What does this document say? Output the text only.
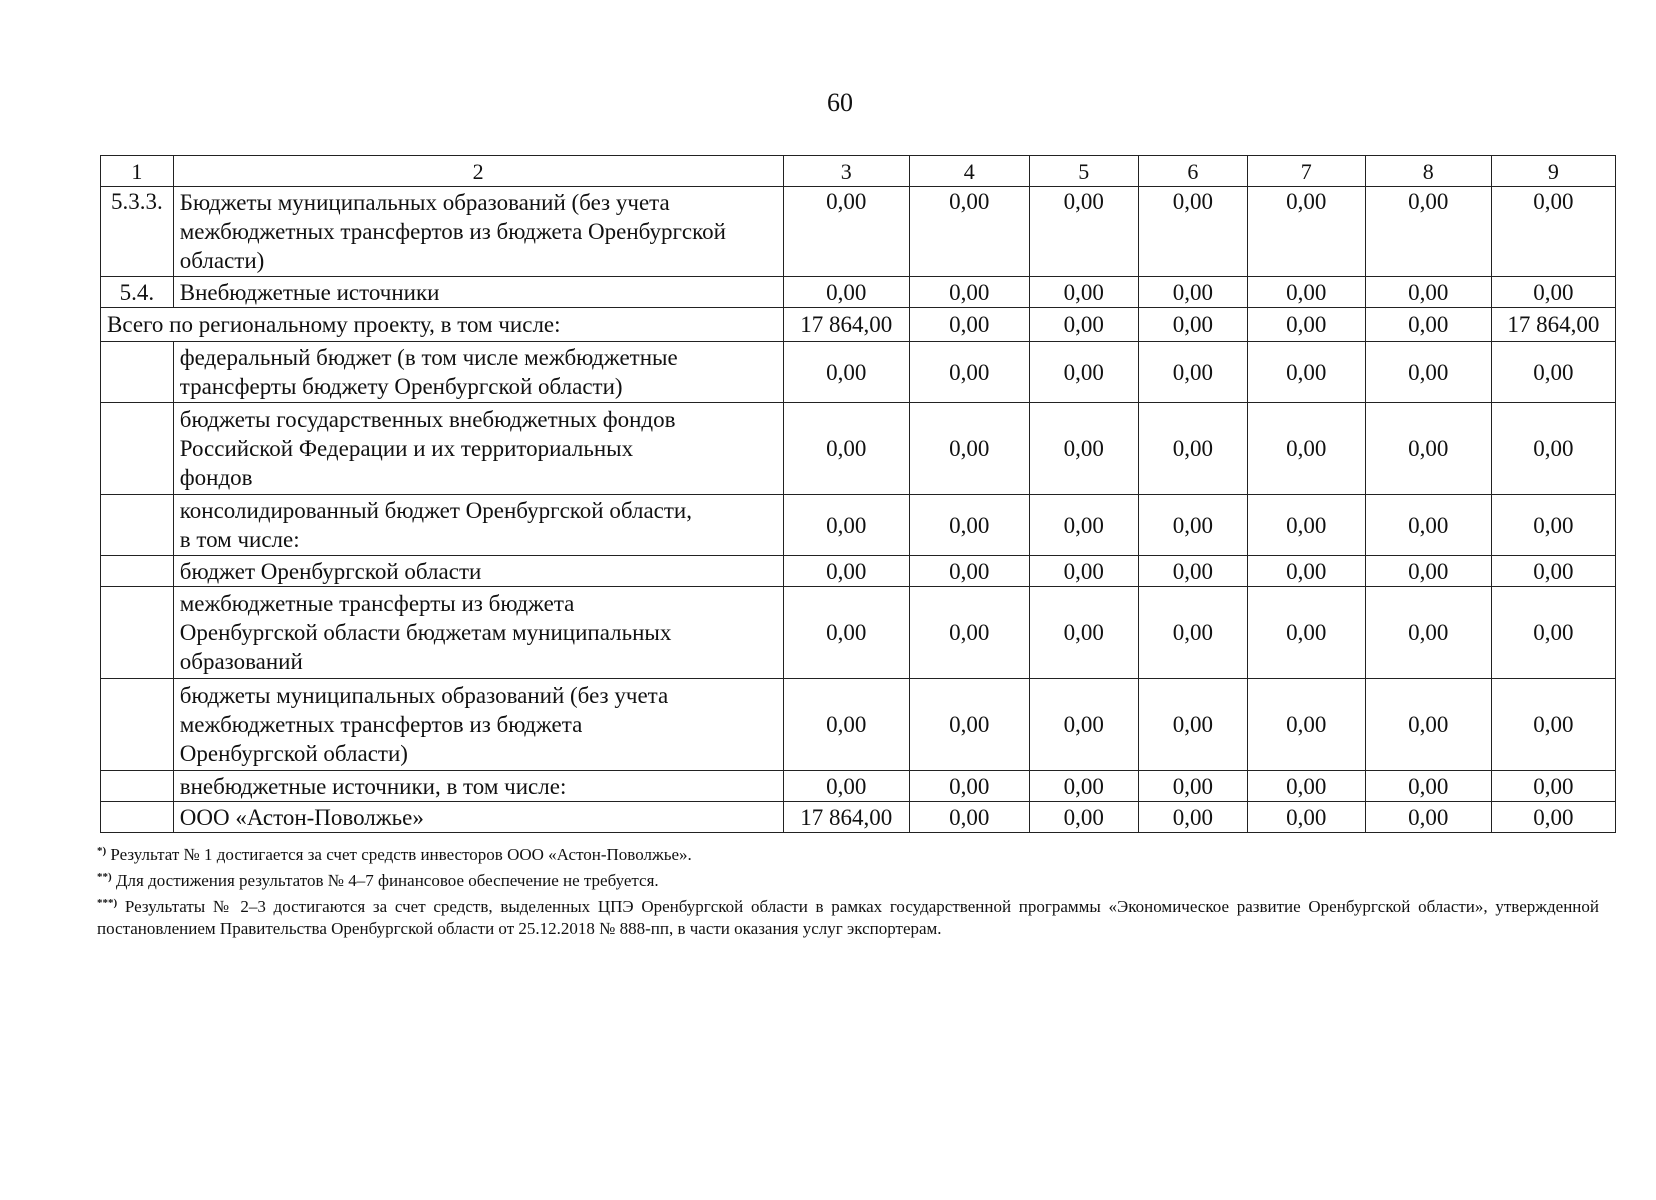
60
1	2	3	4	5	6	7	8	9
5.3.3.	Бюджеты муниципальных образований (без учета
межбюджетных трансфертов из бюджета Оренбургской
области)	0,00	0,00	0,00	0,00	0,00	0,00	0,00
5.4.	Внебюджетные источники	0,00	0,00	0,00	0,00	0,00	0,00	0,00
Всего по региональному проекту, в том числе:		17 864,00	0,00	0,00	0,00	0,00	0,00	17 864,00

	федеральный бюджет (в том числе межбюджетные
трансферты бюджету Оренбургской области)	0,00	0,00	0,00	0,00	0,00	0,00	0,00

	бюджеты государственных внебюджетных фондов
Российской Федерации и их территориальных
фондов	0,00	0,00	0,00	0,00	0,00	0,00	0,00

	консолидированный бюджет Оренбургской области,
в том числе:	0,00	0,00	0,00	0,00	0,00	0,00	0,00

	бюджет Оренбургской области	0,00	0,00	0,00	0,00	0,00	0,00	0,00

	межбюджетные трансферты из бюджета
Оренбургской области бюджетам муниципальных
образований	0,00	0,00	0,00	0,00	0,00	0,00	0,00

	бюджеты муниципальных образований (без учета
межбюджетных трансфертов из бюджета
Оренбургской области)	0,00	0,00	0,00	0,00	0,00	0,00	0,00

	внебюджетные источники, в том числе:	0,00	0,00	0,00	0,00	0,00	0,00	0,00

	ООО «Астон-Поволжье»	17 864,00	0,00	0,00	0,00	0,00	0,00	0,00

*) Результат № 1 достигается за счет средств инвесторов ООО «Астон-Поволжье».

**) Для достижения результатов № 4–7 финансовое обеспечение не требуется.

***) Результаты № 2–3 достигаются за счет средств, выделенных ЦПЭ Оренбургской области в рамках государственной программы «Экономическое развитие Оренбургской области», утвержденной постановлением Правительства Оренбургской области от 25.12.2018 № 888-пп, в части оказания услуг экспортерам.
